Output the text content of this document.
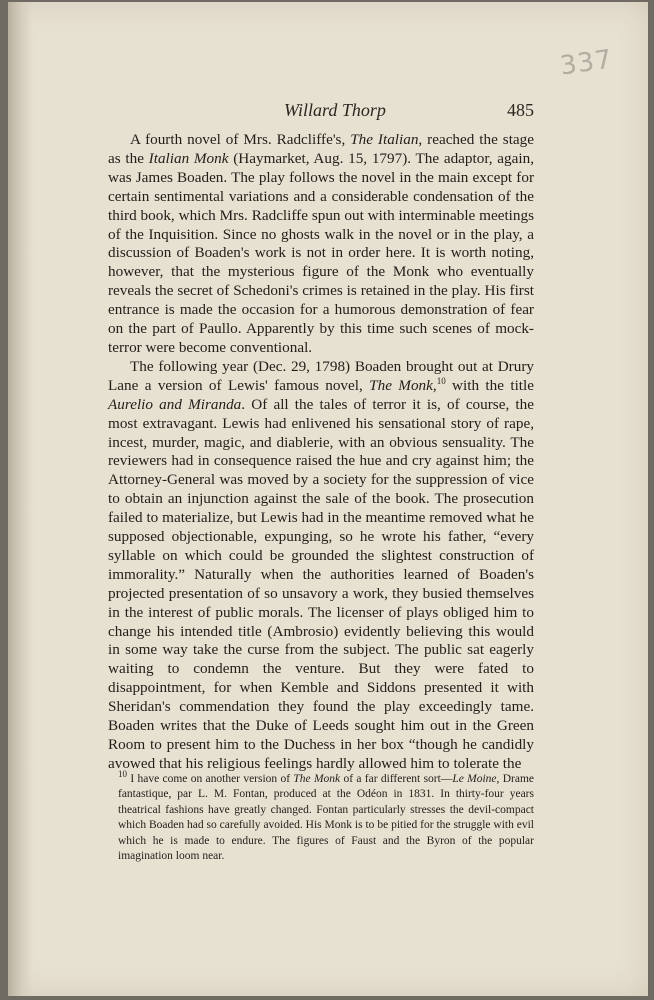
337
Willard Thorp	485

A fourth novel of Mrs. Radcliffe's, The Italian, reached the stage as the Italian Monk (Haymarket, Aug. 15, 1797). The adaptor, again, was James Boaden. The play follows the novel in the main except for certain sentimental variations and a considerable condensation of the third book, which Mrs. Radcliffe spun out with interminable meetings of the Inquisition. Since no ghosts walk in the novel or in the play, a discussion of Boaden's work is not in order here. It is worth noting, however, that the mysterious figure of the Monk who eventually reveals the secret of Schedoni's crimes is retained in the play. His first entrance is made the occasion for a humorous demonstration of fear on the part of Paullo. Apparently by this time such scenes of mock-terror were become conventional.

The following year (Dec. 29, 1798) Boaden brought out at Drury Lane a version of Lewis' famous novel, The Monk,$^{10}$ with the title Aurelio and Miranda. Of all the tales of terror it is, of course, the most extravagant. Lewis had enlivened his sensational story of rape, incest, murder, magic, and diablerie, with an obvious sensuality. The reviewers had in consequence raised the hue and cry against him; the Attorney-General was moved by a society for the suppression of vice to obtain an injunction against the sale of the book. The prosecution failed to materialize, but Lewis had in the meantime removed what he supposed objectionable, expunging, so he wrote his father, “every syllable on which could be grounded the slightest construction of immorality.” Naturally when the authorities learned of Boaden's projected presentation of so unsavory a work, they busied themselves in the interest of public morals. The licenser of plays obliged him to change his intended title (Ambrosio) evidently believing this would in some way take the curse from the subject. The public sat eagerly waiting to condemn the venture. But they were fated to disappointment, for when Kemble and Siddons presented it with Sheridan's commendation they found the play exceedingly tame. Boaden writes that the Duke of Leeds sought him out in the Green Room to present him to the Duchess in her box “though he candidly avowed that his religious feelings hardly allowed him to tolerate the

$^{10}$ I have come on another version of The Monk of a far different sort—Le Moine, Drame fantastique, par L. M. Fontan, produced at the Odéon in 1831. In thirty-four years theatrical fashions have greatly changed. Fontan particularly stresses the devil-compact which Boaden had so carefully avoided. His Monk is to be pitied for the struggle with evil which he is made to endure. The figures of Faust and the Byron of the popular imagination loom near.
